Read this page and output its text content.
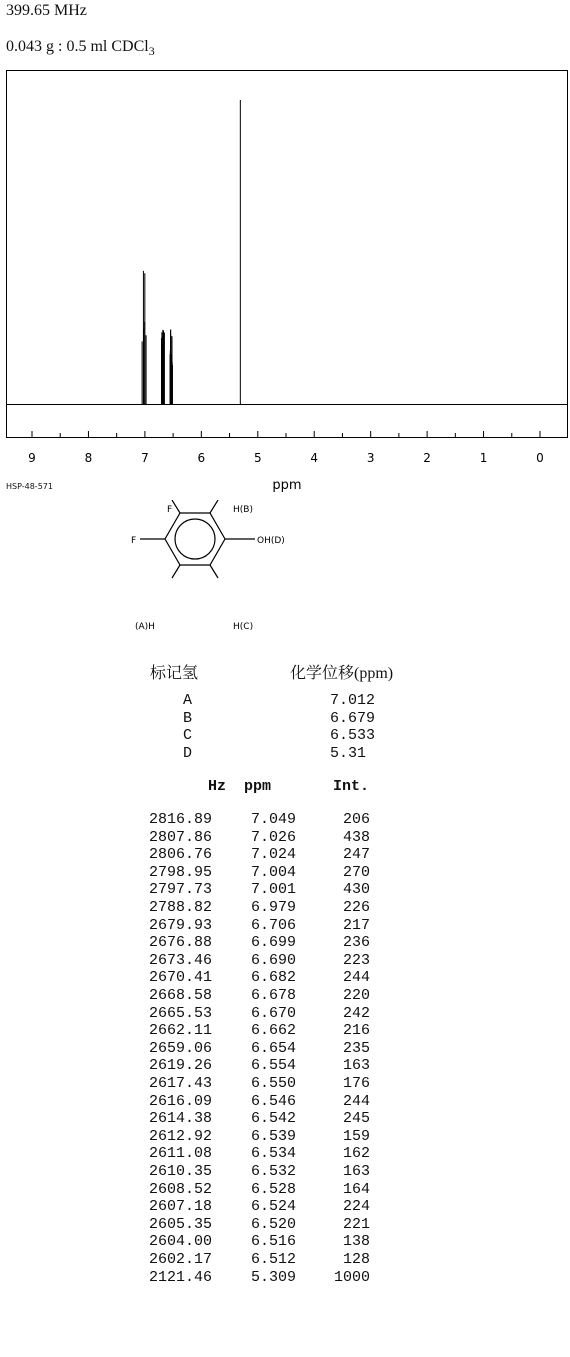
399.65 MHz
0.043 g : 0.5 ml CDCl$_3$
9	8	7	6	5	4	3	2	1	0
ppm
HSP-48-571
F
F
H(B)
OH(D)
(A)H	H(C)
标记氢	化学位移(ppm)
A	7.012
B	6.679
C	6.533
D	5.31
Hz ppm	Int.
2816.89	7.049	206
2807.86	7.026	438
2806.76	7.024	247
2798.95	7.004	270
2797.73	7.001	430
2788.82	6.979	226
2679.93	6.706	217
2676.88	6.699	236
2673.46	6.690	223
2670.41	6.682	244
2668.58	6.678	220
2665.53	6.670	242
2662.11	6.662	216
2659.06	6.654	235
2619.26	6.554	163
2617.43	6.550	176
2616.09	6.546	244
2614.38	6.542	245
2612.92	6.539	159
2611.08	6.534	162
2610.35	6.532	163
2608.52	6.528	164
2607.18	6.524	224
2605.35	6.520	221
2604.00	6.516	138
2602.17	6.512	128
2121.46	5.309	1000
